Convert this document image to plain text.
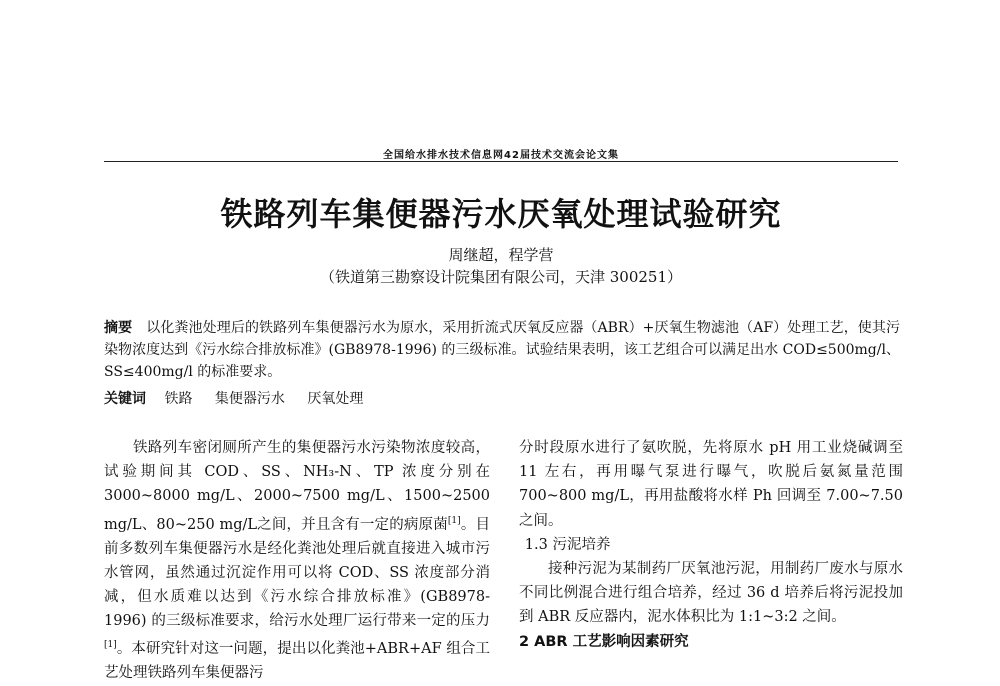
全国给水排水技术信息网42届技术交流会论文集
铁路列车集便器污水厌氧处理试验研究
周继超，程学营
（铁道第三勘察设计院集团有限公司，天津 300251）
摘要 以化粪池处理后的铁路列车集便器污水为原水，采用折流式厌氧反应器（ABR）+厌氧生物滤池（AF）处理工艺，使其污染物浓度达到《污水综合排放标准》(GB8978-1996) 的三级标准。试验结果表明，该工艺组合可以满足出水 COD≤500mg/l、SS≤400mg/l 的标准要求。
关键词 铁路 集便器污水 厌氧处理

铁路列车密闭厕所产生的集便器污水污染物浓度较高，试验期间其 COD、SS、NH₃-N、TP 浓度分别在 3000~8000 mg/L、2000~7500 mg/L、1500~2500 mg/L、80~250 mg/L之间，并且含有一定的病原菌[1]。目前多数列车集便器污水是经化粪池处理后就直接进入城市污水管网，虽然通过沉淀作用可以将 COD、SS 浓度部分消减，但水质难以达到《污水综合排放标准》(GB8978-1996) 的三级标准要求，给污水处理厂运行带来一定的压力[1]。本研究针对这一问题，提出以化粪池+ABR+AF 组合工艺处理铁路列车集便器污

分时段原水进行了氨吹脱，先将原水 pH 用工业烧碱调至 11 左右，再用曝气泵进行曝气，吹脱后氨氮量范围 700~800 mg/L，再用盐酸将水样 Ph 回调至 7.00~7.50 之间。

1.3 污泥培养

接种污泥为某制药厂厌氧池污泥，用制药厂废水与原水不同比例混合进行组合培养，经过 36 d 培养后将污泥投加到 ABR 反应器内，泥水体积比为 1:1~3:2 之间。

2 ABR 工艺影响因素研究
